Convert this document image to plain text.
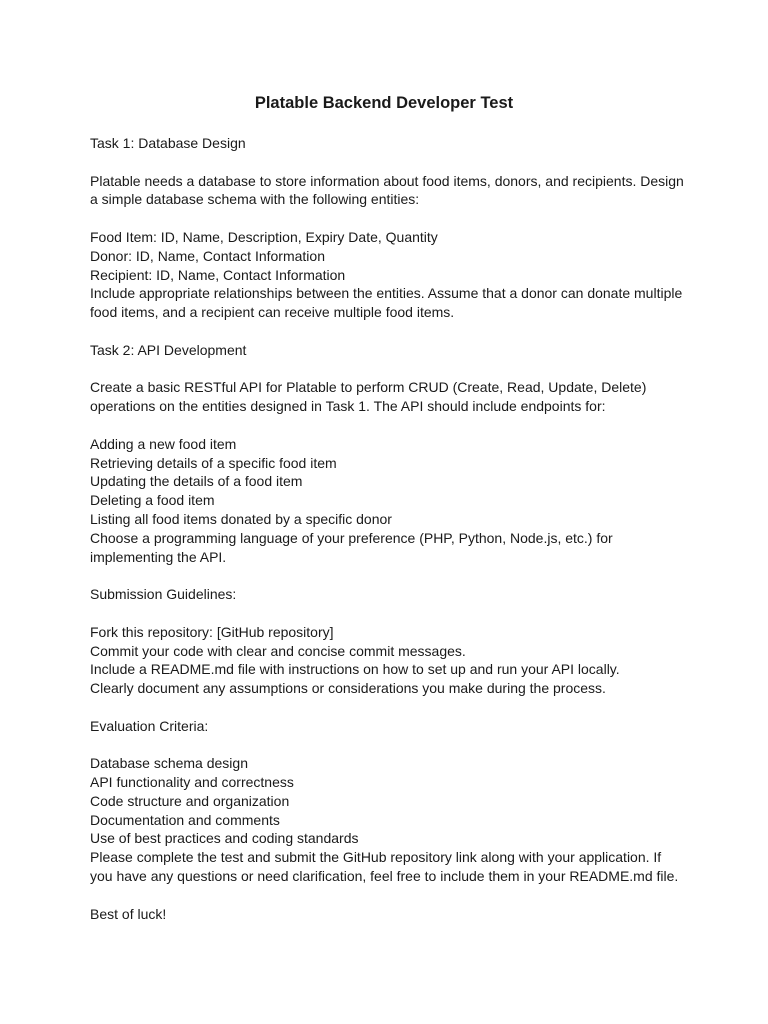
Platable Backend Developer Test
Task 1: Database Design
Platable needs a database to store information about food items, donors, and recipients. Design
a simple database schema with the following entities:
Food Item: ID, Name, Description, Expiry Date, Quantity
Donor: ID, Name, Contact Information
Recipient: ID, Name, Contact Information
Include appropriate relationships between the entities. Assume that a donor can donate multiple
food items, and a recipient can receive multiple food items.
Task 2: API Development
Create a basic RESTful API for Platable to perform CRUD (Create, Read, Update, Delete)
operations on the entities designed in Task 1. The API should include endpoints for:
Adding a new food item
Retrieving details of a specific food item
Updating the details of a food item
Deleting a food item
Listing all food items donated by a specific donor
Choose a programming language of your preference (PHP, Python, Node.js, etc.) for
implementing the API.
Submission Guidelines:
Fork this repository: [GitHub repository]
Commit your code with clear and concise commit messages.
Include a README.md file with instructions on how to set up and run your API locally.
Clearly document any assumptions or considerations you make during the process.
Evaluation Criteria:
Database schema design
API functionality and correctness
Code structure and organization
Documentation and comments
Use of best practices and coding standards
Please complete the test and submit the GitHub repository link along with your application. If
you have any questions or need clarification, feel free to include them in your README.md file.
Best of luck!
